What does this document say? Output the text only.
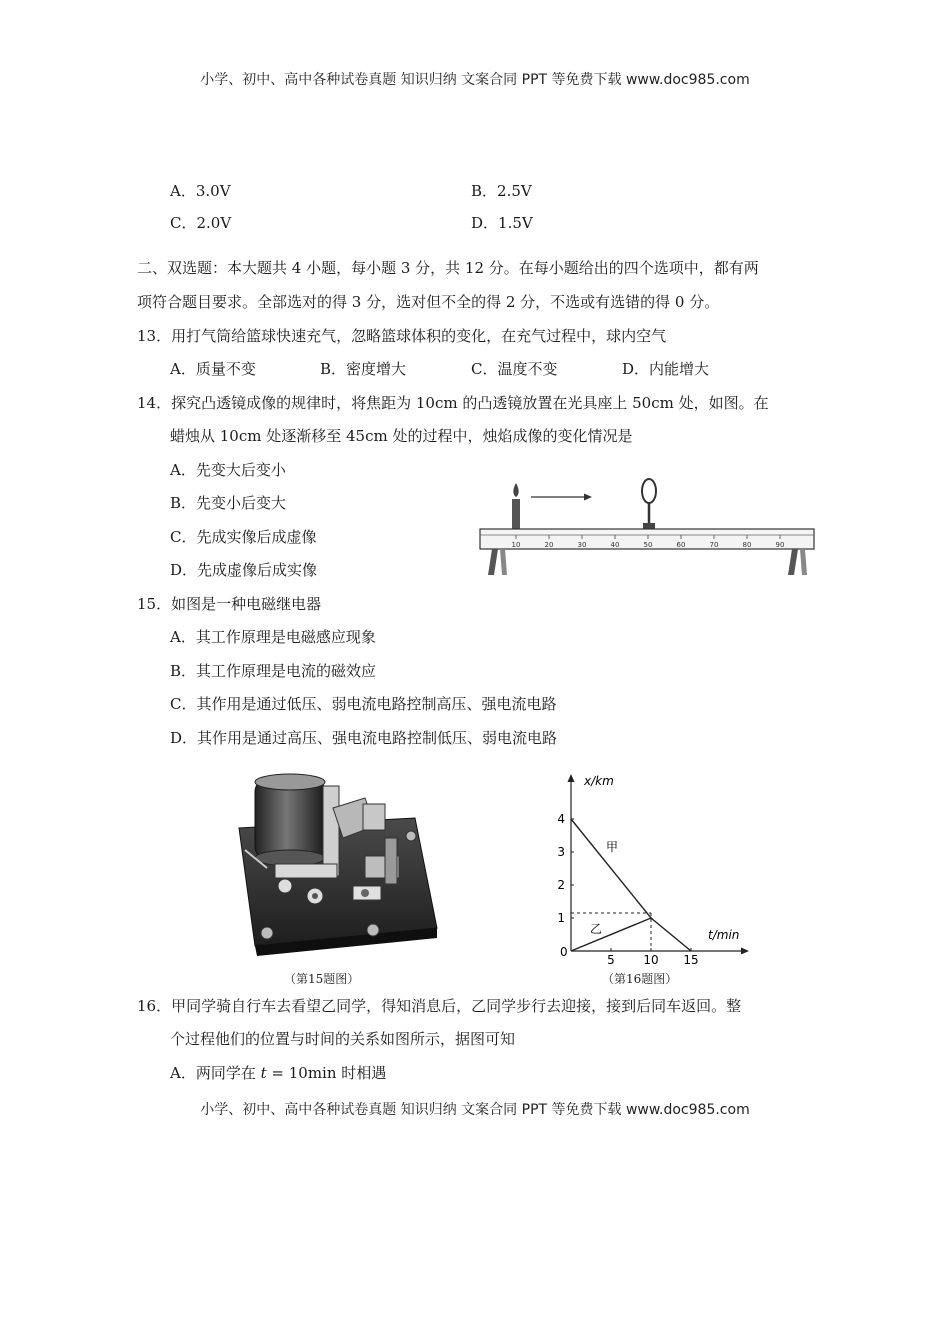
小学、初中、高中各种试卷真题 知识归纳 文案合同 PPT 等免费下载 www.doc985.com
A．3.0V	B．2.5V
C．2.0V	D．1.5V
二、双选题：本大题共 4 小题，每小题 3 分，共 12 分。在每小题给出的四个选项中，都有两
项符合题目要求。全部选对的得 3 分，选对但不全的得 2 分，不选或有选错的得 0 分。
13．用打气筒给篮球快速充气，忽略篮球体积的变化，在充气过程中，球内空气
A．质量不变	B．密度增大	C．温度不变	D．内能增大
14．探究凸透镜成像的规律时，将焦距为 10cm 的凸透镜放置在光具座上 50cm 处，如图。在
蜡烛从 10cm 处逐渐移至 45cm 处的过程中，烛焰成像的变化情况是
A．先变大后变小
B．先变小后变大
C．先成实像后成虚像
D．先成虚像后成实像
10	20	30	40	50	60	70	80	90
15．如图是一种电磁继电器
A．其工作原理是电磁感应现象
B．其工作原理是电流的磁效应
C．其作用是通过低压、弱电流电路控制高压、强电流电路
D．其作用是通过高压、强电流电路控制低压、弱电流电路
（第15题图）
x/km
t/min
0
5 10 15
1
2
3
4
甲
乙
（第16题图）
16．甲同学骑自行车去看望乙同学，得知消息后，乙同学步行去迎接，接到后同车返回。整
个过程他们的位置与时间的关系如图所示，据图可知
A．两同学在 t = 10min 时相遇
小学、初中、高中各种试卷真题 知识归纳 文案合同 PPT 等免费下载 www.doc985.com
